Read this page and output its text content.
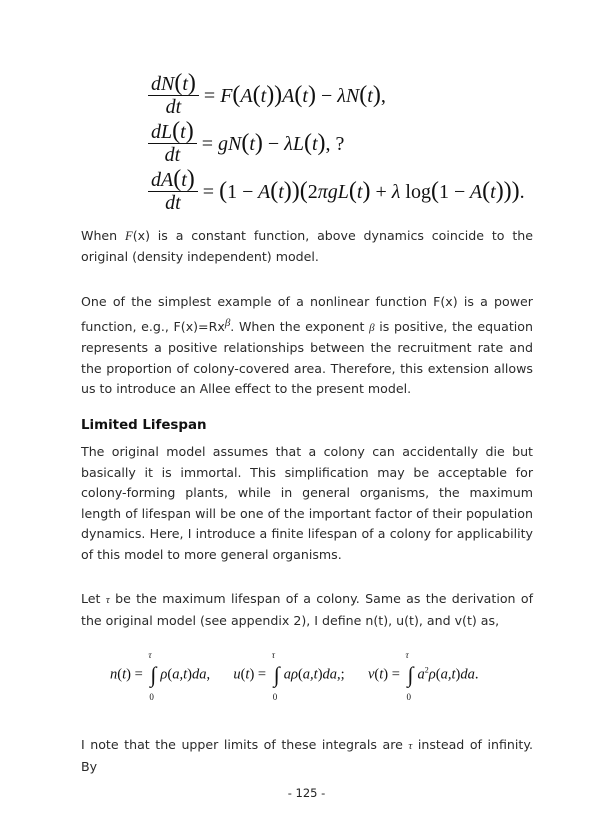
$\frac{dN(t)}{dt} = F(A(t))A(t) - \lambda N(t)$,
$\frac{dL(t)}{dt} = gN(t) - \lambda L(t)$, ?
$\frac{dA(t)}{dt} = (1 - A(t))(2\pi gL(t) + \lambda$ log(1 − A(t))).
When F(x) is a constant function, above dynamics coincide to the original (density independent) model.
One of the simplest example of a nonlinear function F(x) is a power function, e.g., $F(x)=Rx^\beta$. When the exponent β is positive, the equation represents a positive relationships between the recruitment rate and the proportion of colony-covered area. Therefore, this extension allows us to introduce an Allee effect to the present model.
Limited Lifespan
The original model assumes that a colony can accidentally die but basically it is immortal. This simplification may be acceptable for colony-forming plants, while in general organisms, the maximum length of lifespan will be one of the important factor of their population dynamics. Here, I introduce a finite lifespan of a colony for applicability of this model to more general organisms.
Let τ be the maximum lifespan of a colony. Same as the derivation of the original model (see appendix 2), I define n(t), u(t), and v(t) as,
n(t) = ∫
τ
0
ρ(a,t)da,  u(t) = ∫
τ
0
aρ(a,t)da,;  v(t) = ∫
τ
0
$a^2\rho(a,t)da$.
I note that the upper limits of these integrals are τ instead of infinity. By
- 125 -
